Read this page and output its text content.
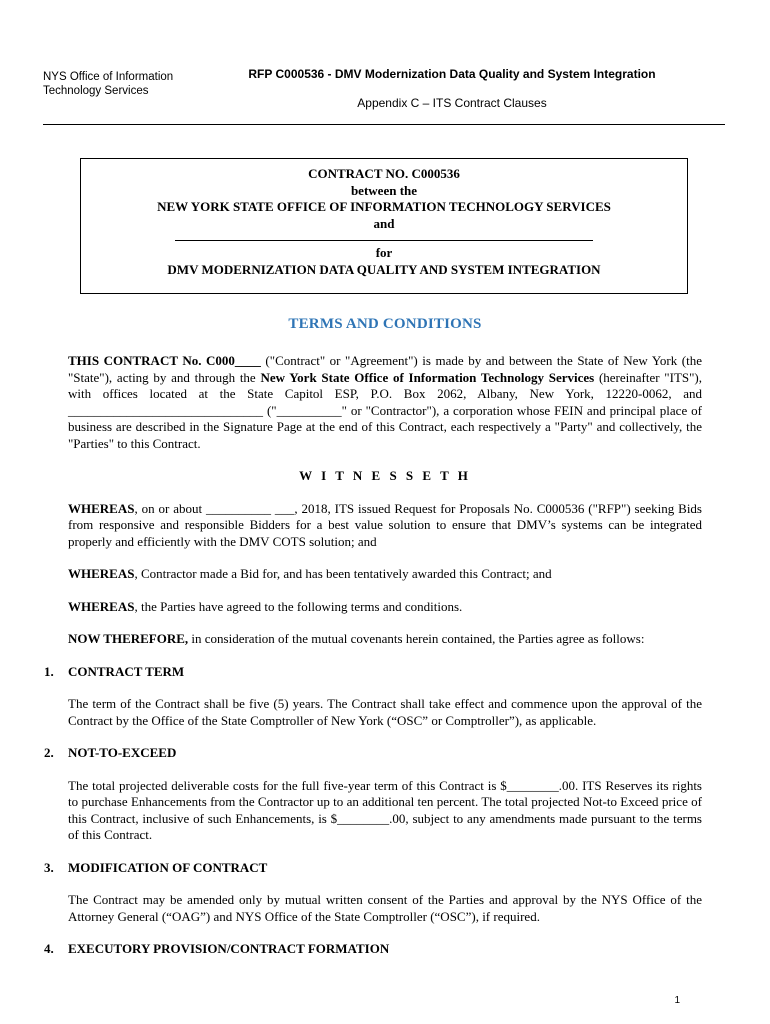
NYS Office of Information
Technology Services
RFP C000536 - DMV Modernization Data Quality and System Integration
Appendix C – ITS Contract Clauses
CONTRACT NO. C000536
between the
NEW YORK STATE OFFICE OF INFORMATION TECHNOLOGY SERVICES
and
for
DMV MODERNIZATION DATA QUALITY AND SYSTEM INTEGRATION
TERMS AND CONDITIONS

THIS CONTRACT No. C000____ ("Contract" or "Agreement") is made by and between the State of New York (the "State"), acting by and through the New York State Office of Information Technology Services (hereinafter "ITS"), with offices located at the State Capitol ESP, P.O. Box 2062, Albany, New York, 12220-0062, and ______________________________ ("__________" or "Contractor"), a corporation whose FEIN and principal place of business are described in the Signature Page at the end of this Contract, each respectively a "Party" and collectively, the "Parties" to this Contract.

W I T N E S S E T H

WHEREAS, on or about __________ ___, 2018, ITS issued Request for Proposals No. C000536 ("RFP") seeking Bids from responsive and responsible Bidders for a best value solution to ensure that DMV’s systems can be integrated properly and efficiently with the DMV COTS solution; and

WHEREAS, Contractor made a Bid for, and has been tentatively awarded this Contract; and

WHEREAS, the Parties have agreed to the following terms and conditions.

NOW THEREFORE, in consideration of the mutual covenants herein contained, the Parties agree as follows:

1. CONTRACT TERM

The term of the Contract shall be five (5) years. The Contract shall take effect and commence upon the approval of the Contract by the Office of the State Comptroller of New York (“OSC” or Comptroller”), as applicable.

2. NOT-TO-EXCEED

The total projected deliverable costs for the full five-year term of this Contract is $________.00. ITS Reserves its rights to purchase Enhancements from the Contractor up to an additional ten percent. The total projected Not-to Exceed price of this Contract, inclusive of such Enhancements, is $________.00, subject to any amendments made pursuant to the terms of this Contract.

3. MODIFICATION OF CONTRACT

The Contract may be amended only by mutual written consent of the Parties and approval by the NYS Office of the Attorney General (“OAG”) and NYS Office of the State Comptroller (“OSC”), if required.

4. EXECUTORY PROVISION/CONTRACT FORMATION

1
